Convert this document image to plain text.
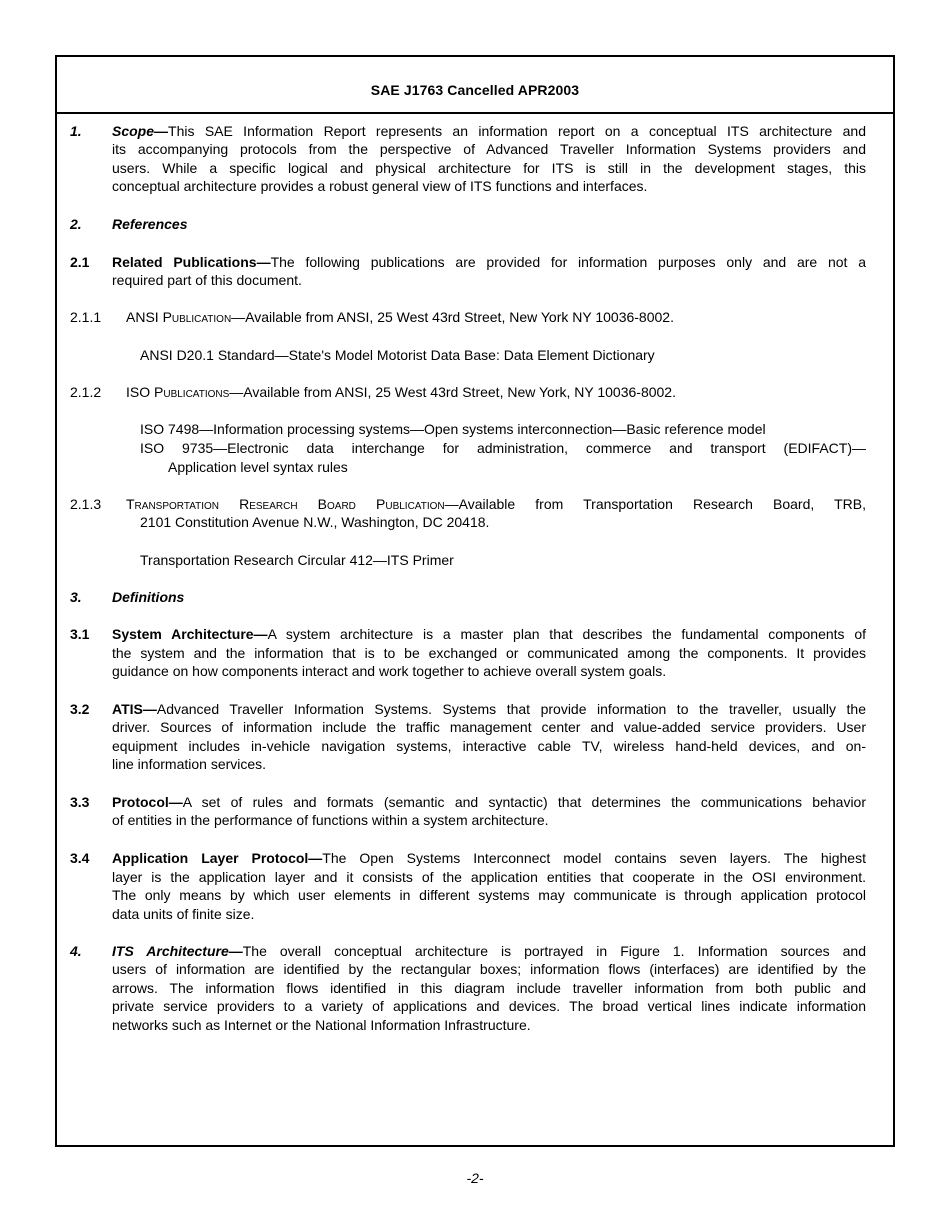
SAE J1763 Cancelled APR2003
1. Scope—This SAE Information Report represents an information report on a conceptual ITS architecture and
its accompanying protocols from the perspective of Advanced Traveller Information Systems providers and
users. While a specific logical and physical architecture for ITS is still in the development stages, this
conceptual architecture provides a robust general view of ITS functions and interfaces.
2. References
2.1 Related Publications—The following publications are provided for information purposes only and are not a
required part of this document.
2.1.1 ANSI Publication—Available from ANSI, 25 West 43rd Street, New York NY 10036-8002.
ANSI D20.1 Standard—State's Model Motorist Data Base: Data Element Dictionary
2.1.2 ISO Publications—Available from ANSI, 25 West 43rd Street, New York, NY 10036-8002.
ISO 7498—Information processing systems—Open systems interconnection—Basic reference model
ISO 9735—Electronic data interchange for administration, commerce and transport (EDIFACT)—
Application level syntax rules
2.1.3 Transportation Research Board Publication—Available from Transportation Research Board, TRB,
2101 Constitution Avenue N.W., Washington, DC 20418.
Transportation Research Circular 412—ITS Primer
3. Definitions
3.1 System Architecture—A system architecture is a master plan that describes the fundamental components of
the system and the information that is to be exchanged or communicated among the components. It provides
guidance on how components interact and work together to achieve overall system goals.
3.2 ATIS—Advanced Traveller Information Systems. Systems that provide information to the traveller, usually the
driver. Sources of information include the traffic management center and value-added service providers. User
equipment includes in-vehicle navigation systems, interactive cable TV, wireless hand-held devices, and on-
line information services.
3.3 Protocol—A set of rules and formats (semantic and syntactic) that determines the communications behavior
of entities in the performance of functions within a system architecture.
3.4 Application Layer Protocol—The Open Systems Interconnect model contains seven layers. The highest
layer is the application layer and it consists of the application entities that cooperate in the OSI environment.
The only means by which user elements in different systems may communicate is through application protocol
data units of finite size.
4. ITS Architecture—The overall conceptual architecture is portrayed in Figure 1. Information sources and
users of information are identified by the rectangular boxes; information flows (interfaces) are identified by the
arrows. The information flows identified in this diagram include traveller information from both public and
private service providers to a variety of applications and devices. The broad vertical lines indicate information
networks such as Internet or the National Information Infrastructure.
-2-
